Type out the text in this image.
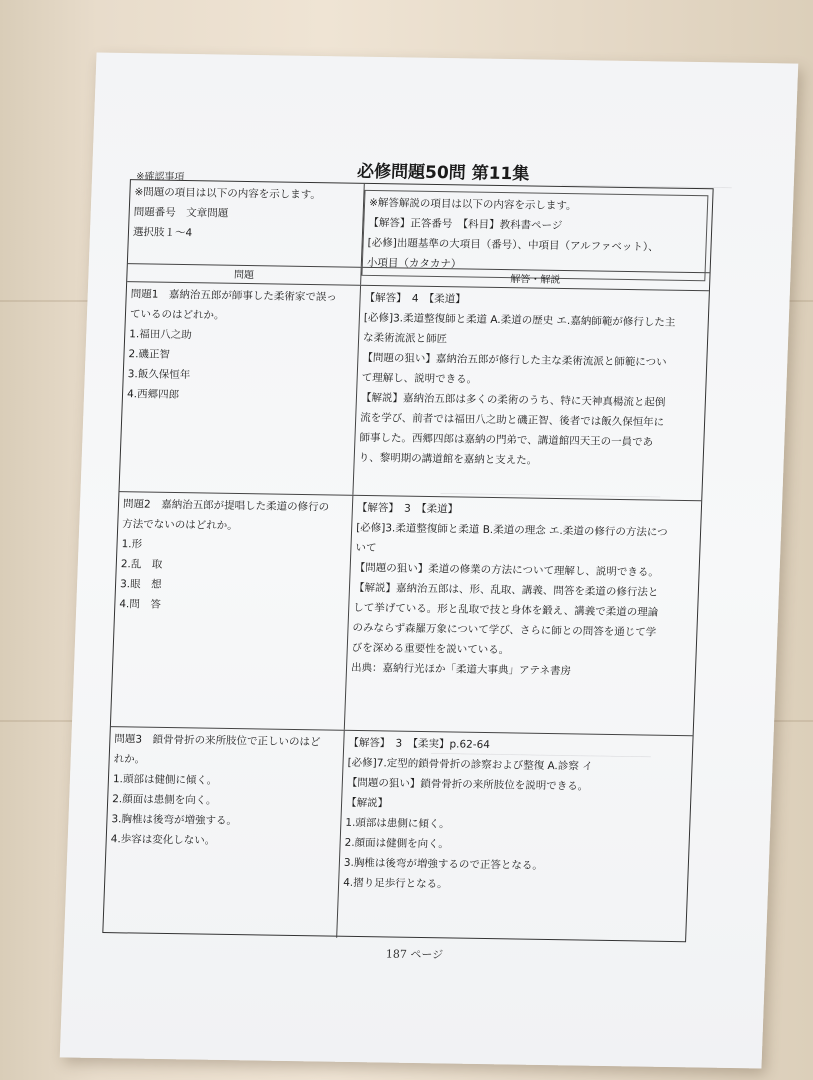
―――――――――――――――――
――――――――――――――――――――――
――――――――――――――――――――――
必修問題50問 第11集
※確認事項
※問題の項目は以下の内容を示します。
問題番号　文章問題
選択肢１～4
※解答解説の項目は以下の内容を示します。
【解答】正答番号　【科目】教科書ページ
[必修]出題基準の大項目（番号）、中項目（アルファベット）、
小項目（カタカナ）
問題	解答・解説
問題1　嘉納治五郎が師事した柔術家で誤っ
ているのはどれか。
1.福田八之助
2.磯正智
3.飯久保恒年
4.西郷四郎
【解答】　4　【柔道】
[必修]3.柔道整復師と柔道 A.柔道の歴史 エ.嘉納師範が修行した主
な柔術流派と師匠
【問題の狙い】嘉納治五郎が修行した主な柔術流派と師範につい
て理解し、説明できる。
【解説】嘉納治五郎は多くの柔術のうち、特に天神真楊流と起倒
流を学び、前者では福田八之助と磯正智、後者では飯久保恒年に
師事した。西郷四郎は嘉納の門弟で、講道館四天王の一員であ
り、黎明期の講道館を嘉納と支えた。
問題2　嘉納治五郎が提唱した柔道の修行の
方法でないのはどれか。
1.形
2.乱　取
3.眼　想
4.問　答
【解答】　3　【柔道】
[必修]3.柔道整復師と柔道 B.柔道の理念 エ.柔道の修行の方法につ
いて
【問題の狙い】柔道の修業の方法について理解し、説明できる。
【解説】嘉納治五郎は、形、乱取、講義、問答を柔道の修行法と
して挙げている。形と乱取で技と身体を鍛え、講義で柔道の理論
のみならず森羅万象について学び、さらに師との問答を通じて学
びを深める重要性を説いている。
出典：嘉納行光ほか「柔道大事典」アテネ書房
問題3　鎖骨骨折の来所肢位で正しいのはど
れか。
1.頭部は健側に傾く。
2.顔面は患側を向く。
3.胸椎は後弯が増強する。
4.歩容は変化しない。
【解答】　3　【柔実】p.62-64
[必修]7.定型的鎖骨骨折の診察および整復 A.診察 イ
【問題の狙い】鎖骨骨折の来所肢位を説明できる。
【解説】
1.頭部は患側に傾く。
2.顔面は健側を向く。
3.胸椎は後弯が増強するので正答となる。
4.摺り足歩行となる。
187 ページ
